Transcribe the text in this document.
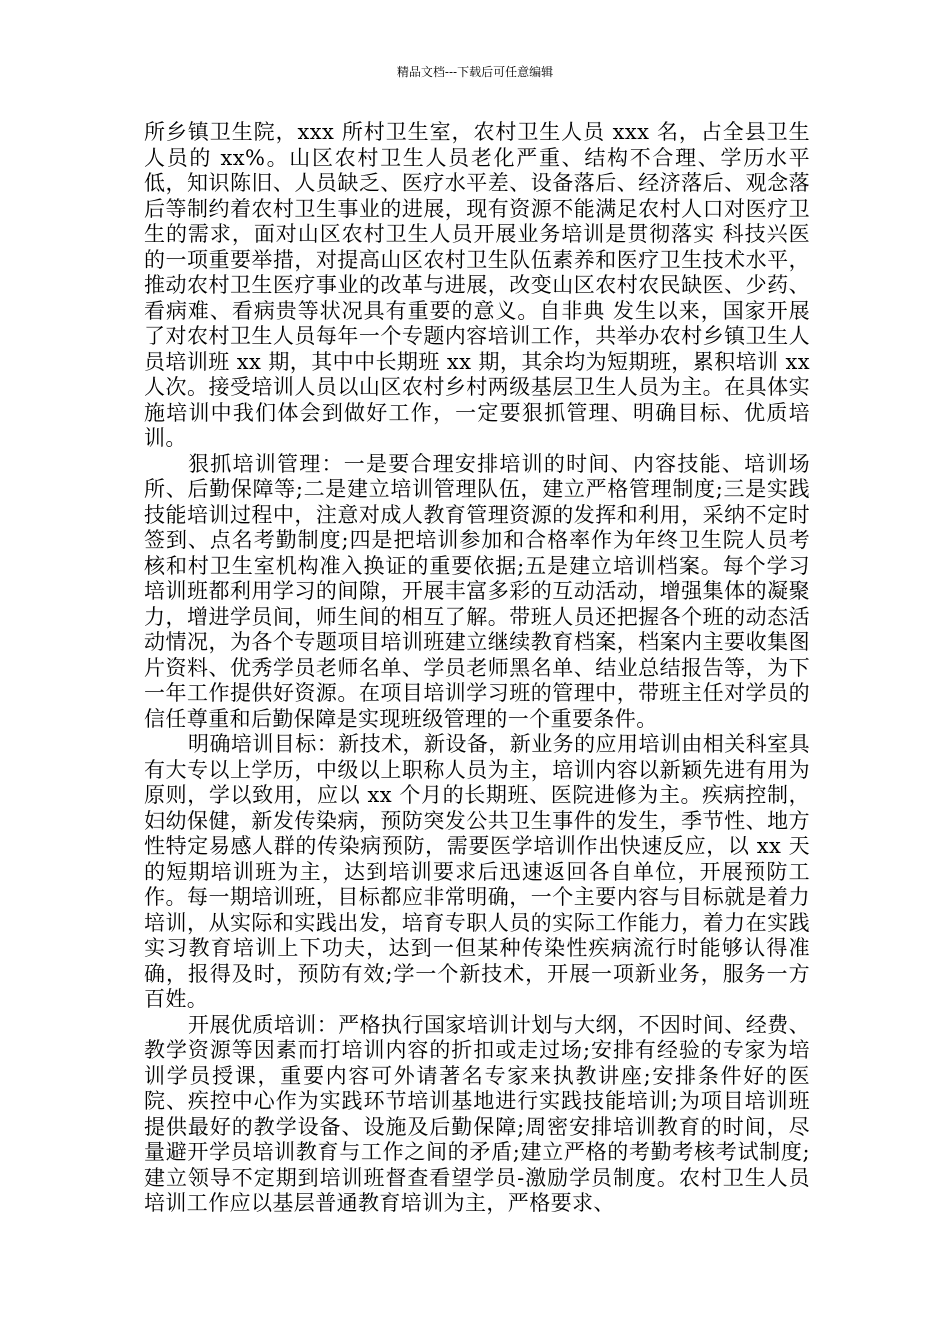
精品文档---下载后可任意编辑

所乡镇卫生院，xxx 所村卫生室，农村卫生人员 xxx 名，占全县卫生人员的 xx%。山区农村卫生人员老化严重、结构不合理、学历水平低，知识陈旧、人员缺乏、医疗水平差、设备落后、经济落后、观念落后等制约着农村卫生事业的进展，现有资源不能满足农村人口对医疗卫生的需求，面对山区农村卫生人员开展业务培训是贯彻落实 科技兴医 的一项重要举措，对提高山区农村卫生队伍素养和医疗卫生技术水平，推动农村卫生医疗事业的改革与进展，改变山区农村农民缺医、少药、看病难、看病贵等状况具有重要的意义。自非典 发生以来，国家开展了对农村卫生人员每年一个专题内容培训工作，共举办农村乡镇卫生人员培训班 xx 期，其中中长期班 xx 期，其余均为短期班，累积培训 xx 人次。接受培训人员以山区农村乡村两级基层卫生人员为主。在具体实施培训中我们体会到做好工作，一定要狠抓管理、明确目标、优质培训。

狠抓培训管理：一是要合理安排培训的时间、内容技能、培训场所、后勤保障等;二是建立培训管理队伍，建立严格管理制度;三是实践技能培训过程中，注意对成人教育管理资源的发挥和利用，采纳不定时签到、点名考勤制度;四是把培训参加和合格率作为年终卫生院人员考核和村卫生室机构准入换证的重要依据;五是建立培训档案。每个学习培训班都利用学习的间隙，开展丰富多彩的互动活动，增强集体的凝聚力，增进学员间，师生间的相互了解。带班人员还把握各个班的动态活动情况，为各个专题项目培训班建立继续教育档案，档案内主要收集图片资料、优秀学员老师名单、学员老师黑名单、结业总结报告等，为下一年工作提供好资源。在项目培训学习班的管理中，带班主任对学员的信任尊重和后勤保障是实现班级管理的一个重要条件。

明确培训目标：新技术，新设备，新业务的应用培训由相关科室具有大专以上学历，中级以上职称人员为主，培训内容以新颖先进有用为原则，学以致用，应以 xx 个月的长期班、医院进修为主。疾病控制，妇幼保健，新发传染病，预防突发公共卫生事件的发生，季节性、地方性特定易感人群的传染病预防，需要医学培训作出快速反应，以 xx 天的短期培训班为主，达到培训要求后迅速返回各自单位，开展预防工作。每一期培训班，目标都应非常明确，一个主要内容与目标就是着力培训，从实际和实践出发，培育专职人员的实际工作能力，着力在实践实习教育培训上下功夫，达到一但某种传染性疾病流行时能够认得准确，报得及时，预防有效;学一个新技术，开展一项新业务，服务一方百姓。

开展优质培训：严格执行国家培训计划与大纲，不因时间、经费、教学资源等因素而打培训内容的折扣或走过场;安排有经验的专家为培训学员授课，重要内容可外请著名专家来执教讲座;安排条件好的医院、疾控中心作为实践环节培训基地进行实践技能培训;为项目培训班提供最好的教学设备、设施及后勤保障;周密安排培训教育的时间，尽量避开学员培训教育与工作之间的矛盾;建立严格的考勤考核考试制度;建立领导不定期到培训班督查看望学员-激励学员制度。农村卫生人员培训工作应以基层普通教育培训为主，严格要求、
